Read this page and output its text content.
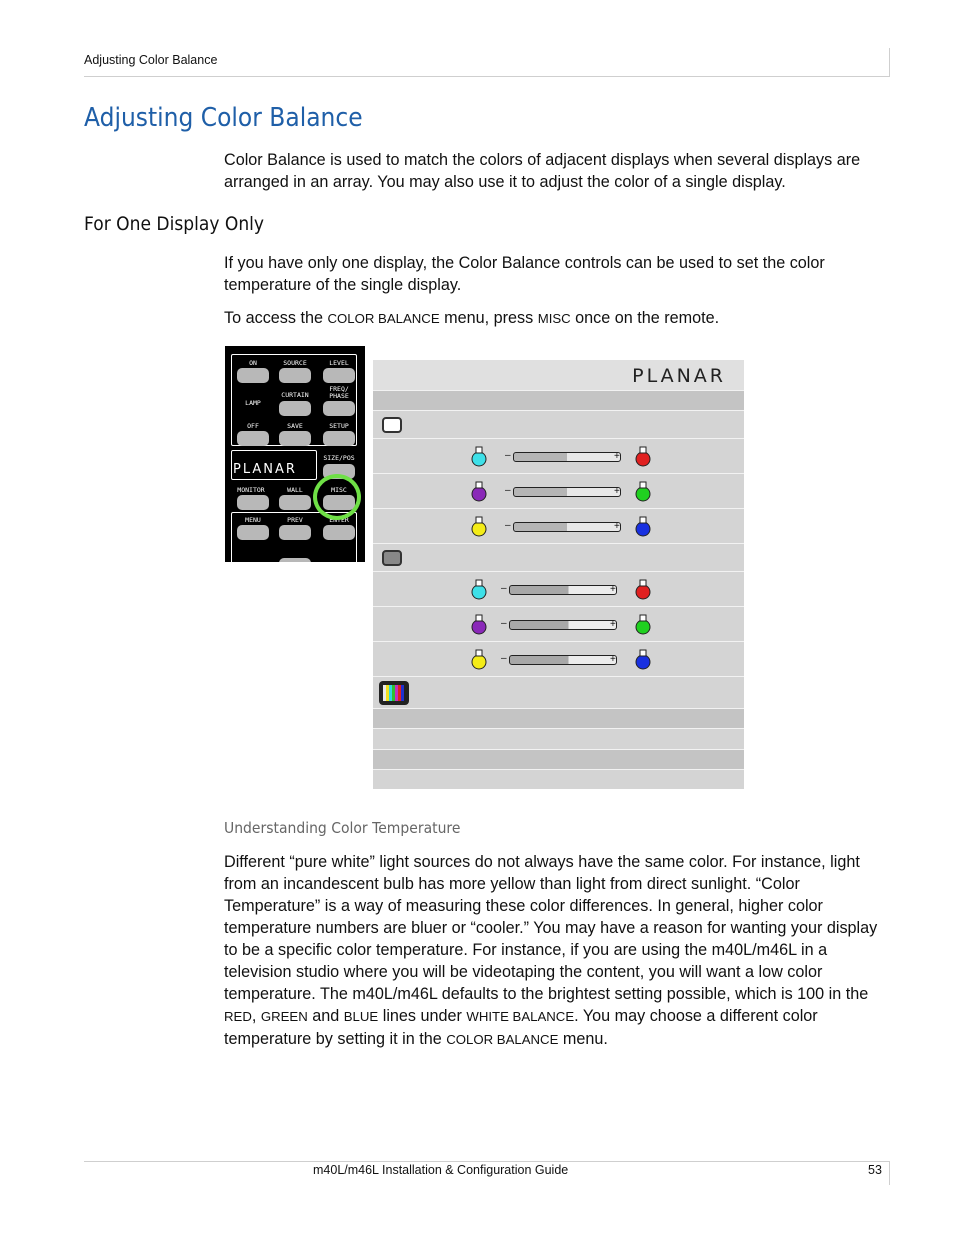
Adjusting Color Balance
Adjusting Color Balance

Color Balance is used to match the colors of adjacent displays when several displays are arranged in an array. You may also use it to adjust the color of a single display.

For One Display Only

If you have only one display, the Color Balance controls can be used to set the color temperature of the single display.

To access the COLOR BALANCE menu, press MISC once on the remote.

ON	SOURCE	LEVEL
LAMP
CURTAIN
FREQ/ PHASE
OFF	SAVE	SETUP
PLANAR
SIZE/POS
MONITOR	WALL	MISC
MENU	PREV	ENTER
PLANAR
–	+
–	+
–	+
–	+
–	+
–	+
Understanding Color Temperature

Different “pure white” light sources do not always have the same color. For instance, light from an incandescent bulb has more yellow than light from direct sunlight. “Color Temperature” is a way of measuring these color differences. In general, higher color temperature numbers are bluer or “cooler.” You may have a reason for wanting your display to be a specific color temperature. For instance, if you are using the m40L/m46L in a television studio where you will be videotaping the content, you will want a low color temperature. The m40L/m46L defaults to the brightest setting possible, which is 100 in the RED, GREEN and BLUE lines under WHITE BALANCE. You may choose a different color temperature by setting it in the COLOR BALANCE menu.

m40L/m46L Installation & Configuration Guide	53
